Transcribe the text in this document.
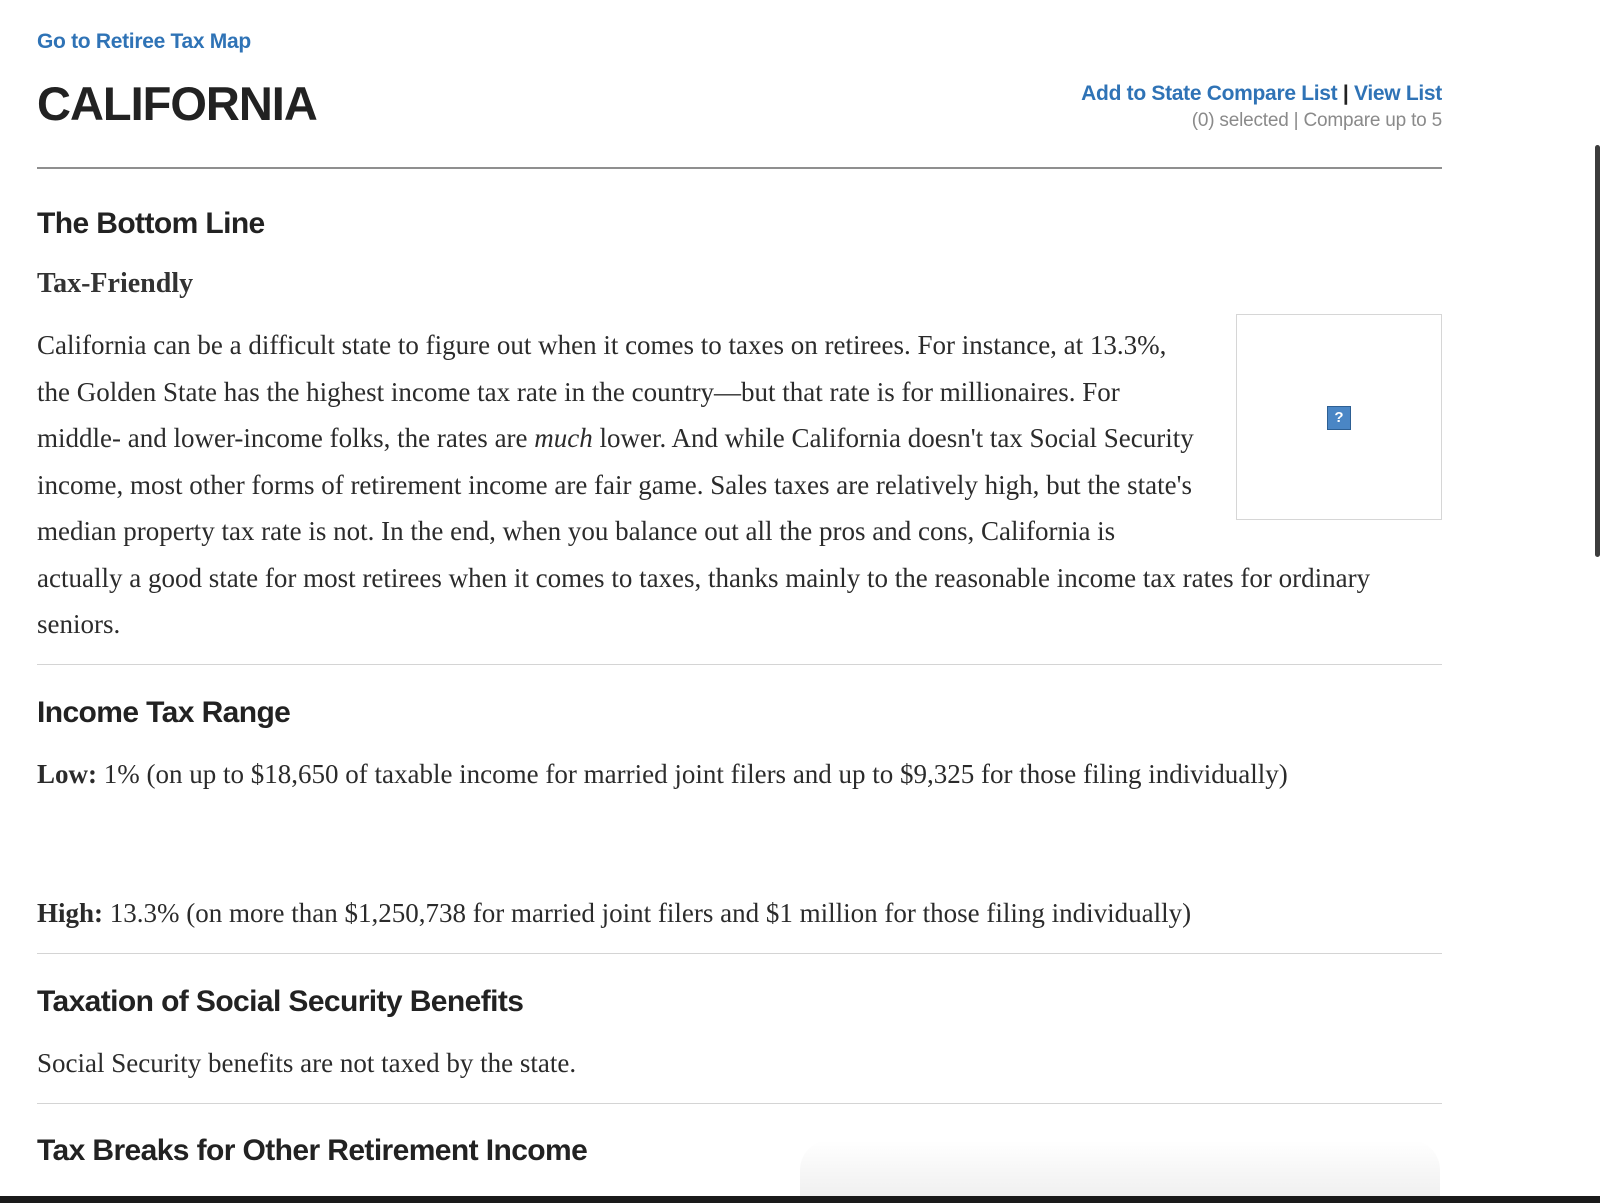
Go to Retiree Tax Map
CALIFORNIA	Add to State Compare List | View List
(0) selected | Compare up to 5
The Bottom Line
Tax-Friendly

?
California can be a difficult state to figure out when it comes to taxes on retirees. For instance, at 13.3%, the Golden State has the highest income tax rate in the country—but that rate is for millionaires. For middle- and lower-income folks, the rates are much lower. And while California doesn't tax Social Security income, most other forms of retirement income are fair game. Sales taxes are relatively high, but the state's median property tax rate is not. In the end, when you balance out all the pros and cons, California is actually a good state for most retirees when it comes to taxes, thanks mainly to the reasonable income tax rates for ordinary seniors.

Income Tax Range

Low: 1% (on up to $18,650 of taxable income for married joint filers and up to $9,325 for those filing individually)

High: 13.3% (on more than $1,250,738 for married joint filers and $1 million for those filing individually)

Taxation of Social Security Benefits

Social Security benefits are not taxed by the state.

Tax Breaks for Other Retirement Income
